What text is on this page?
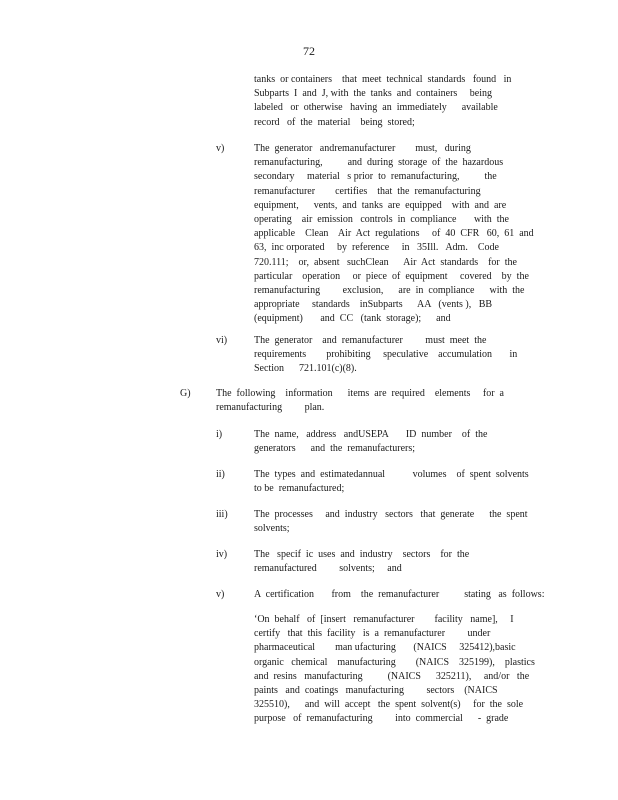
72
tanks  or containers    that  meet  technical  standards   found   in
Subparts  I  and  J, with  the  tanks  and  containers     being
labeled   or  otherwise   having  an  immediately      available
record   of  the  material    being  stored;
v)	The  generator   andremanufacturer        must,   during
remanufacturing,          and  during  storage  of  the  hazardous
secondary     material   s prior  to  remanufacturing,          the
remanufacturer        certifies    that  the  remanufacturing
equipment,      vents,  and  tanks  are  equipped    with  and  are
operating    air  emission   controls  in  compliance       with  the
applicable    Clean    Air  Act  regulations     of  40  CFR   60,  61  and
63,  inc orporated     by  reference     in   35Ill.   Adm.    Code
720.111;    or,  absent   suchClean      Air  Act  standards    for  the
particular    operation     or  piece  of  equipment     covered    by  the
remanufacturing         exclusion,      are  in  compliance      with  the
appropriate     standards    inSubparts      AA   (vents ),   BB
(equipment)       and  CC   (tank  storage);      and
vi)	The  generator    and  remanufacturer         must  meet  the
requirements        prohibiting     speculative    accumulation       in
Section      721.101(c)(8).
G)	The  following    information      items  are  required    elements     for  a
remanufacturing         plan.
i)	The  name,   address   andUSEPA       ID  number    of  the
generators      and  the  remanufacturers;
ii)	The  types  and  estimatedannual           volumes    of  spent  solvents
to be  remanufactured;
iii)	The  processes     and  industry   sectors   that  generate      the  spent
solvents;
iv)	The   specif  ic  uses  and  industry    sectors    for  the
remanufactured         solvents;     and
v)	A  certification       from    the  remanufacturer          stating   as  follows:
‘On  behalf   of  [insert   remanufacturer        facility   name],     I
certify   that  this  facility   is  a  remanufacturer         under
pharmaceutical        man ufacturing       (NAICS     325412),basic
organic   chemical    manufacturing        (NAICS    325199),    plastics
and  resins   manufacturing          (NAICS      325211),     and/or   the
paints   and  coatings   manufacturing         sectors    (NAICS
325510),      and  will  accept   the  spent  solvent(s)     for  the  sole
purpose   of  remanufacturing         into  commercial      -  grade
